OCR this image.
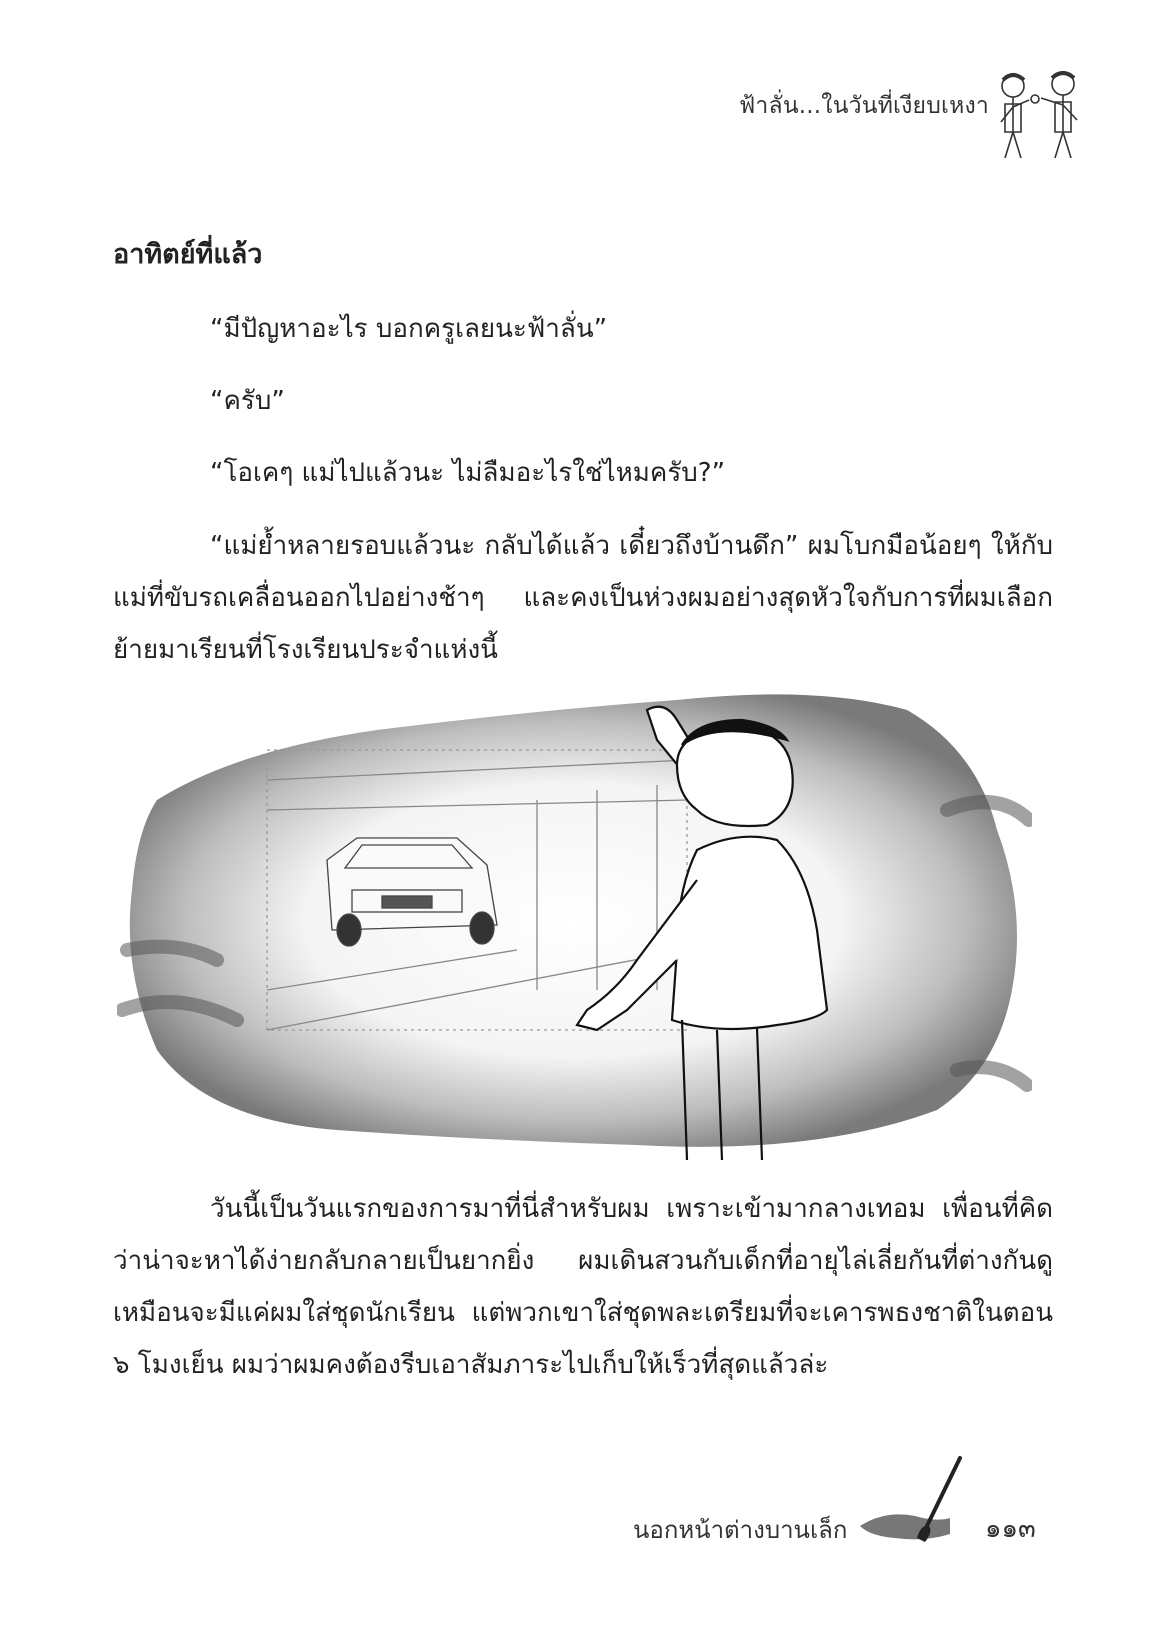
ฟ้าลั่น...ในวันที่เงียบเหงา
อาทิตย์ที่แล้ว
“มีปัญหาอะไร บอกครูเลยนะฟ้าลั่น”
“ครับ”
“โอเคๆ แม่ไปแล้วนะ ไม่ลืมอะไรใช่ไหมครับ?”

“แม่ย้ำหลายรอบแล้วนะ กลับได้แล้ว เดี๋ยวถึงบ้านดึก” ผมโบกมือน้อยๆ ให้กับแม่ที่ขับรถเคลื่อนออกไปอย่างช้าๆ และคงเป็นห่วงผมอย่างสุดหัวใจกับการที่ผมเลือกย้ายมาเรียนที่โรงเรียนประจำแห่งนี้

วันนี้เป็นวันแรกของการมาที่นี่สำหรับผม เพราะเข้ามากลางเทอม เพื่อนที่คิดว่าน่าจะหาได้ง่ายกลับกลายเป็นยากยิ่ง ผมเดินสวนกับเด็กที่อายุไล่เลี่ยกันที่ต่างกันดูเหมือนจะมีแค่ผมใส่ชุดนักเรียน แต่พวกเขาใส่ชุดพละเตรียมที่จะเคารพธงชาติในตอน ๖ โมงเย็น ผมว่าผมคงต้องรีบเอาสัมภาระไปเก็บให้เร็วที่สุดแล้วล่ะ

นอกหน้าต่างบานเล็ก	๑๑๓
